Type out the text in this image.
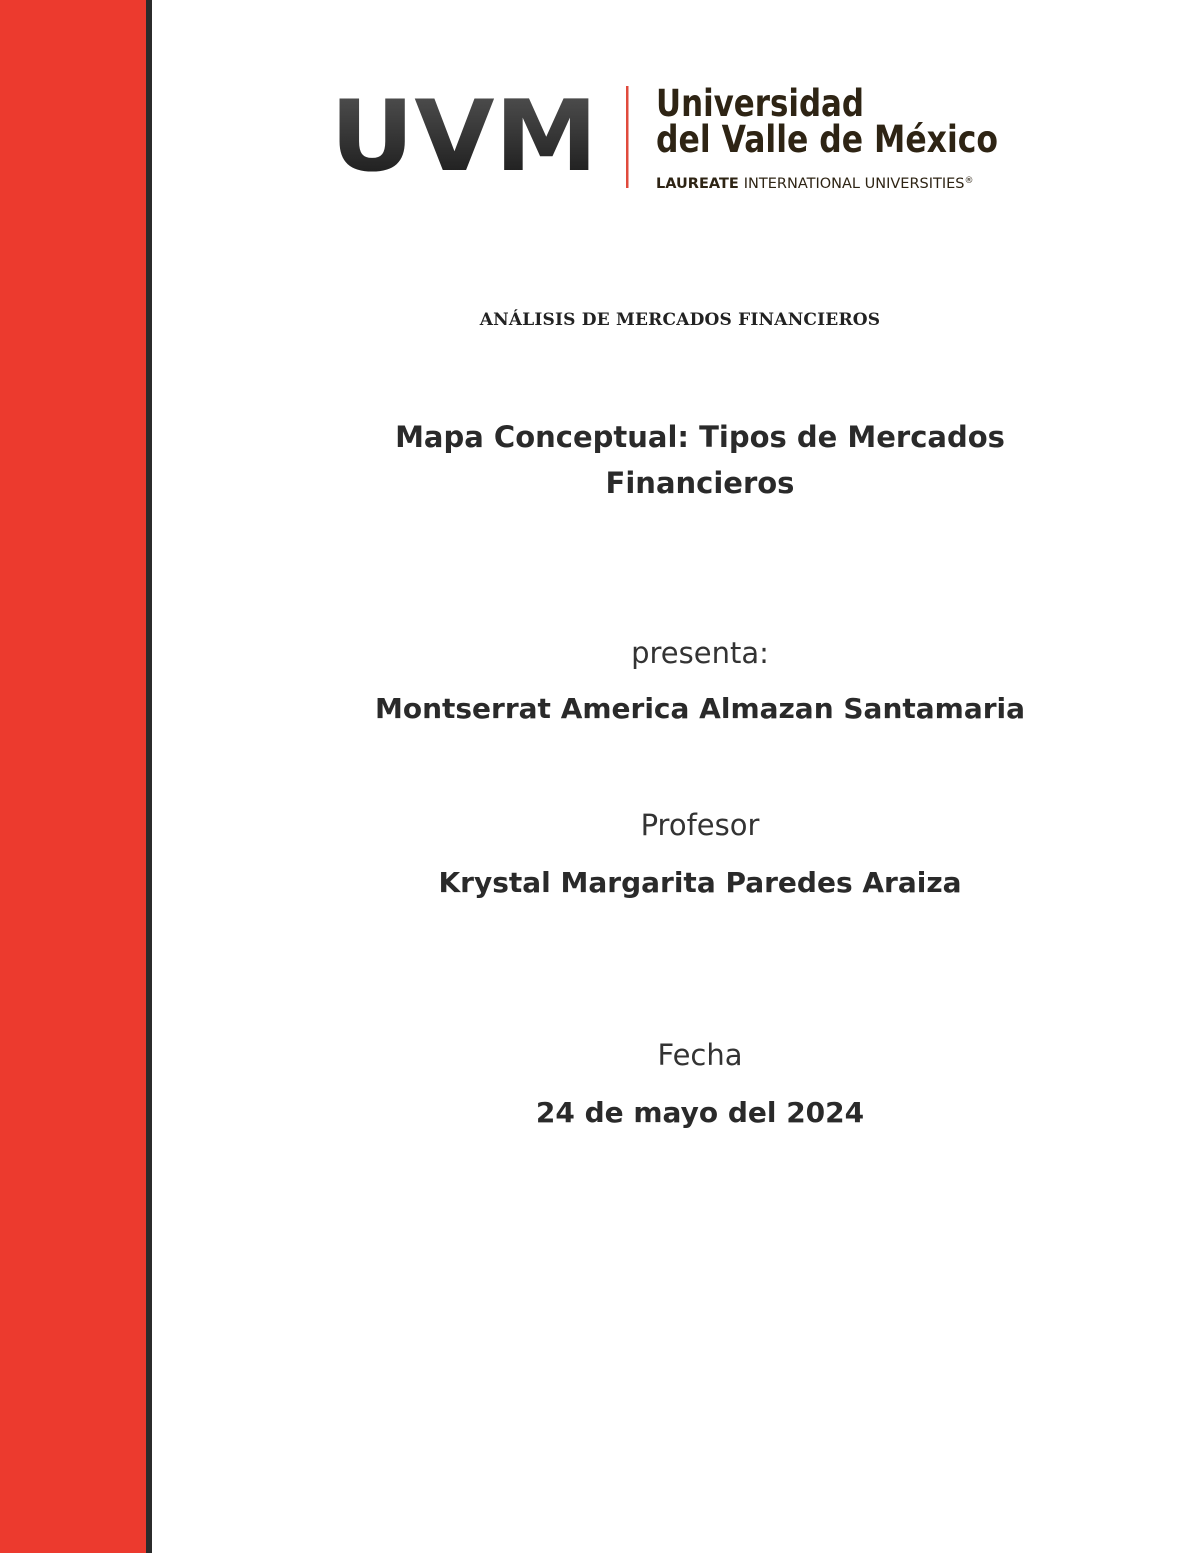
UVM Universidad
del Valle de México
LAUREATE INTERNATIONAL UNIVERSITIES®
ANÁLISIS DE MERCADOS FINANCIEROS
Mapa Conceptual: Tipos de Mercados Financieros
presenta:
Montserrat America Almazan Santamaria
Profesor
Krystal Margarita Paredes Araiza
Fecha
24 de mayo del 2024
